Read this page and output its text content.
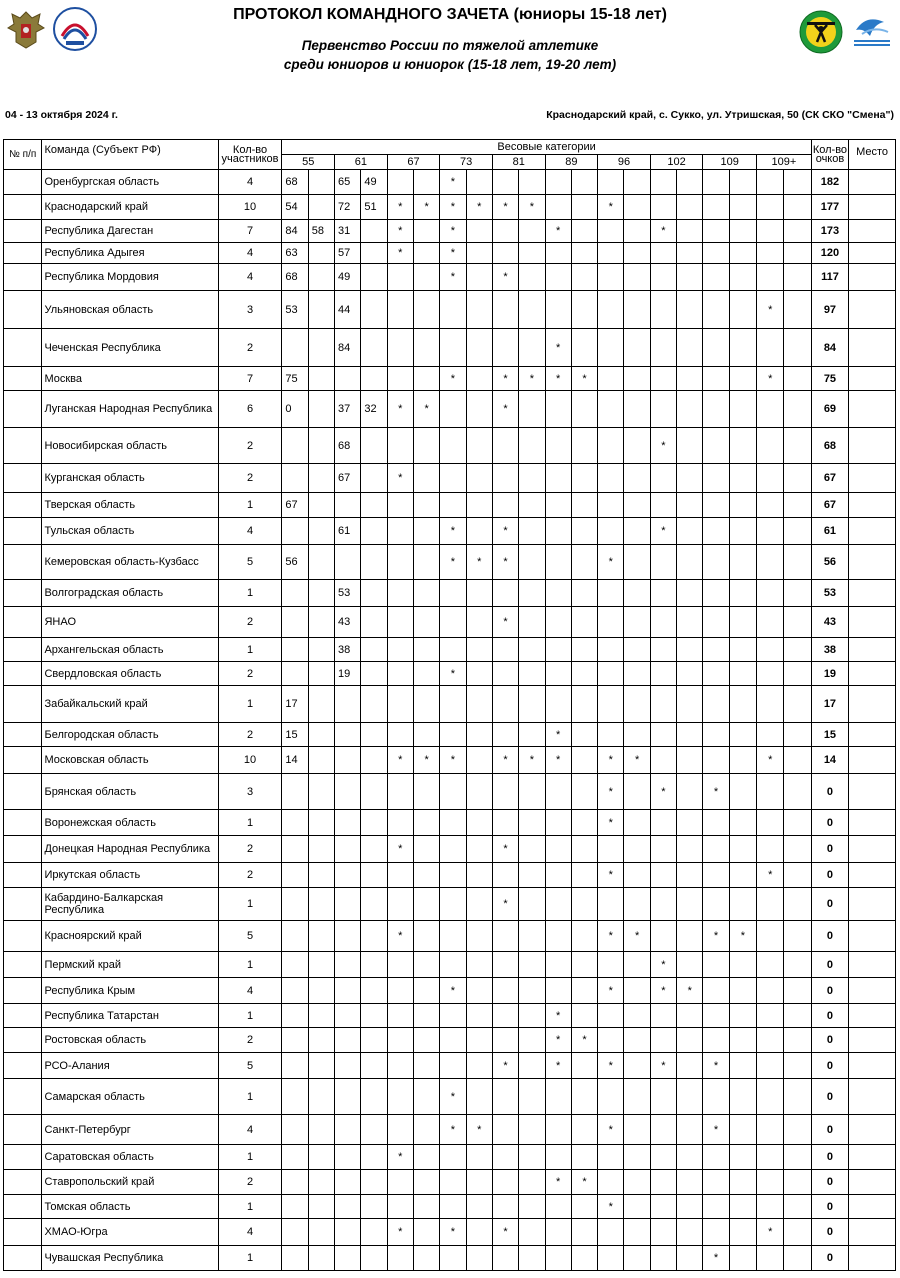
ПРОТОКОЛ КОМАНДНОГО ЗАЧЕТА (юниоры 15-18 лет)
Первенство России по тяжелой атлетике
среди юниоров и юниорок (15-18 лет, 19-20 лет)
04 - 13 октября 2024 г.	Краснодарский край, с. Сукко, ул. Утришская, 50 (СК СКО "Смена")
№ п/п	Команда (Субъект РФ)	Кол-во участников	Весовые категории																				Кол-во очков	Место
			55		61		67		73		81		89		96		102		109		109+			
	Оренбургская область	4	68		65	49			*														182	
	Краснодарский край	10	54		72	51	*	*	*	*	*	*			*								177	
	Республика Дагестан	7	84	58	31		*		*				*				*						173	
	Республика Адыгея	4	63		57		*		*														120	
	Республика Мордовия	4	68		49				*		*												117	
	Ульяновская область	3	53		44																*		97	
	Чеченская Республика	2			84								*										84	
	Москва	7	75						*		*	*	*	*							*		75	
	Луганская Народная Республика	6	0		37	32	*	*			*												69	
	Новосибирская область	2			68												*						68	
	Курганская область	2			67		*																67	
	Тверская область	1	67																				67	
	Тульская область	4			61				*		*						*						61	
	Кемеровская область-Кузбасс	5	56						*	*	*				*								56	
	Волгоградская область	1			53																		53	
	ЯНАО	2			43						*												43	
	Архангельская область	1			38																		38	
	Свердловская область	2			19				*														19	
	Забайкальский край	1	17																				17	
	Белгородская область	2	15										*										15	
	Московская область	10	14				*	*	*		*	*	*		*	*					*		14	
	Брянская область	3													*		*		*				0	
	Воронежская область	1													*								0	
	Донецкая Народная Республика	2					*				*												0	
	Иркутская область	2													*						*		0	
	Кабардино-Балкарская Республика	1									*												0	
	Красноярский край	5					*								*	*			*	*			0	
	Пермский край	1															*						0	
	Республика Крым	4							*						*		*	*					0	
	Республика Татарстан	1											*										0	
	Ростовская область	2											*	*									0	
	РСО-Алания	5									*		*		*		*		*				0	
	Самарская область	1							*														0	
	Санкт-Петербург	4							*	*					*				*				0	
	Саратовская область	1					*																0	
	Ставропольский край	2											*	*									0	
	Томская область	1													*								0	
	ХМАО-Югра	4					*		*		*										*		0	
	Чувашская Республика	1																	*				0	
